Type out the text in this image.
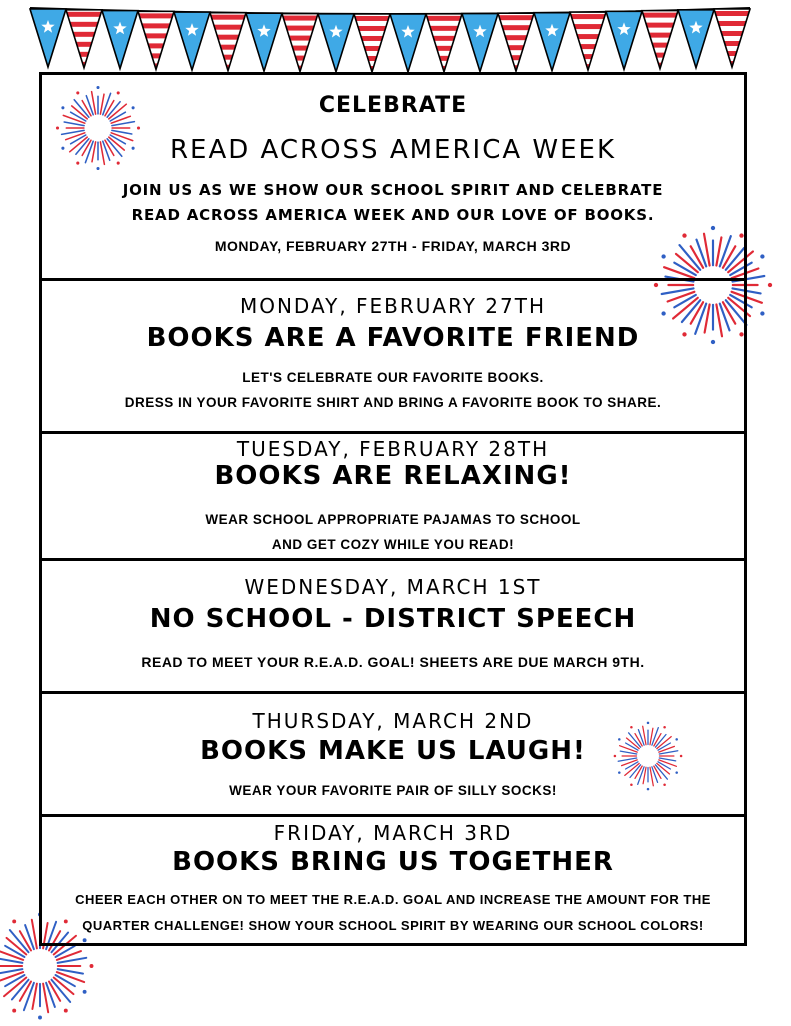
CELEBRATE
READ ACROSS AMERICA WEEK
JOIN US AS WE SHOW OUR SCHOOL SPIRIT AND CELEBRATE
READ ACROSS AMERICA WEEK AND OUR LOVE OF BOOKS.
MONDAY, FEBRUARY 27TH - FRIDAY, MARCH 3RD
MONDAY, FEBRUARY 27TH
BOOKS ARE A FAVORITE FRIEND
LET'S CELEBRATE OUR FAVORITE BOOKS.
DRESS IN YOUR FAVORITE SHIRT AND BRING A FAVORITE BOOK TO SHARE.
TUESDAY, FEBRUARY 28TH
BOOKS ARE RELAXING!
WEAR SCHOOL APPROPRIATE PAJAMAS TO SCHOOL
AND GET COZY WHILE YOU READ!
WEDNESDAY, MARCH 1ST
NO SCHOOL - DISTRICT SPEECH
READ TO MEET YOUR R.E.A.D. GOAL! SHEETS ARE DUE MARCH 9TH.
THURSDAY, MARCH 2ND
BOOKS MAKE US LAUGH!
WEAR YOUR FAVORITE PAIR OF SILLY SOCKS!
FRIDAY, MARCH 3RD
BOOKS BRING US TOGETHER
CHEER EACH OTHER ON TO MEET THE R.E.A.D. GOAL AND INCREASE THE AMOUNT FOR THE
QUARTER CHALLENGE! SHOW YOUR SCHOOL SPIRIT BY WEARING OUR SCHOOL COLORS!
